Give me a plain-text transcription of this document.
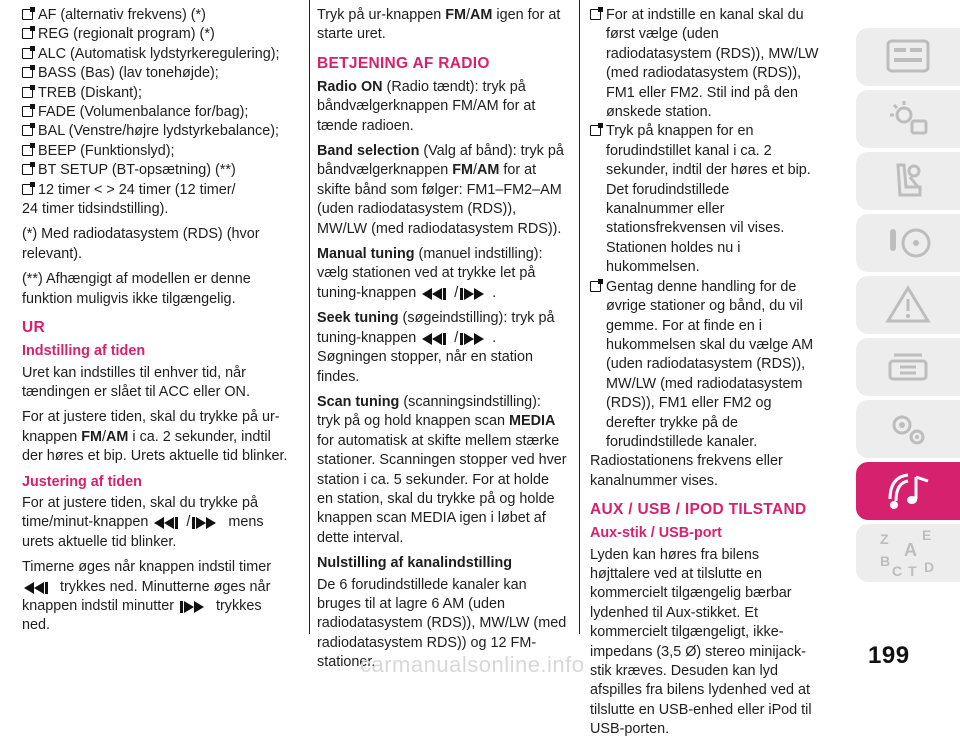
AF (alternativ frekvens) (*)
REG (regionalt program) (*)
ALC (Automatisk lydstyrkeregulering);
BASS (Bas) (lav tonehøjde);
TREB (Diskant);
FADE (Volumenbalance for/bag);
BAL (Venstre/højre lydstyrkebalance);
BEEP (Funktionslyd);
BT SETUP (BT-opsætning) (**)
12 timer < > 24 timer (12 timer/

24 timer tidsindstilling).

(*) Med radiodatasystem (RDS) (hvor relevant).

(**) Afhængigt af modellen er denne funktion muligvis ikke tilgængelig.

UR
Indstilling af tiden

Uret kan indstilles til enhver tid, når tændingen er slået til ACC eller ON.

For at justere tiden, skal du trykke på ur-knappen FM/AM i ca. 2 sekunder, indtil der høres et bip. Urets aktuelle tid blinker.

Justering af tiden

For at justere tiden, skal du trykke på time/minut-knappen / mens urets aktuelle tid blinker.

Timerne øges når knappen indstil timer  trykkes ned. Minutterne øges når knappen indstil minutter  trykkes ned.

Tryk på ur-knappen FM/AM igen for at starte uret.

BETJENING AF RADIO

Radio ON (Radio tændt): tryk på båndvælgerknappen FM/AM for at tænde radioen.

Band selection (Valg af bånd): tryk på båndvælgerknappen FM/AM for at skifte bånd som følger: FM1–FM2–AM (uden radiodatasystem (RDS)), MW/LW (med radiodatasystem RDS)).

Manual tuning (manuel indstilling): vælg stationen ved at trykke let på tuning-knappen / .

Seek tuning (søgeindstilling): tryk på tuning-knappen / .

Søgningen stopper, når en station findes.

Scan tuning (scanningsindstilling): tryk på og hold knappen scan MEDIA for automatisk at skifte mellem stærke stationer. Scanningen stopper ved hver station i ca. 5 sekunder. For at holde en station, skal du trykke på og holde knappen scan MEDIA igen i løbet af dette interval.

Nulstilling af kanalindstilling

De 6 forudindstillede kanaler kan bruges til at lagre 6 AM (uden radiodatasystem (RDS)), MW/LW (med radiodatasystem RDS)) og 12 FM-stationer.

For at indstille en kanal skal du først vælge (uden radiodatasystem (RDS)), MW/LW (med radiodatasystem (RDS)), FM1 eller FM2. Stil ind på den ønskede station.
Tryk på knappen for en forudindstillet kanal i ca. 2 sekunder, indtil der høres et bip. Det forudindstillede kanalnummer eller stationsfrekvensen vil vises. Stationen holdes nu i hukommelsen.
Gentag denne handling for de øvrige stationer og bånd, du vil gemme. For at finde en i hukommelsen skal du vælge AM (uden radiodatasystem (RDS)), MW/LW (med radiodatasystem (RDS)), FM1 eller FM2 og derefter trykke på de forudindstillede kanaler.

Radiostationens frekvens eller kanalnummer vises.

AUX / USB / IPOD TILSTAND
Aux-stik / USB-port

Lyden kan høres fra bilens højttalere ved at tilslutte en kommercielt tilgængelig bærbar lydenhed til Aux-stikket. Et kommercielt tilgængeligt, ikke-impedans (3,5 Ø) stereo minijack-stik kræves. Desuden kan lyd afspilles fra bilens lydenhed ved at tilslutte en USB-enhed eller iPod til USB-porten.

Z E
A
B
C T D
199
carmanualsonline.info
